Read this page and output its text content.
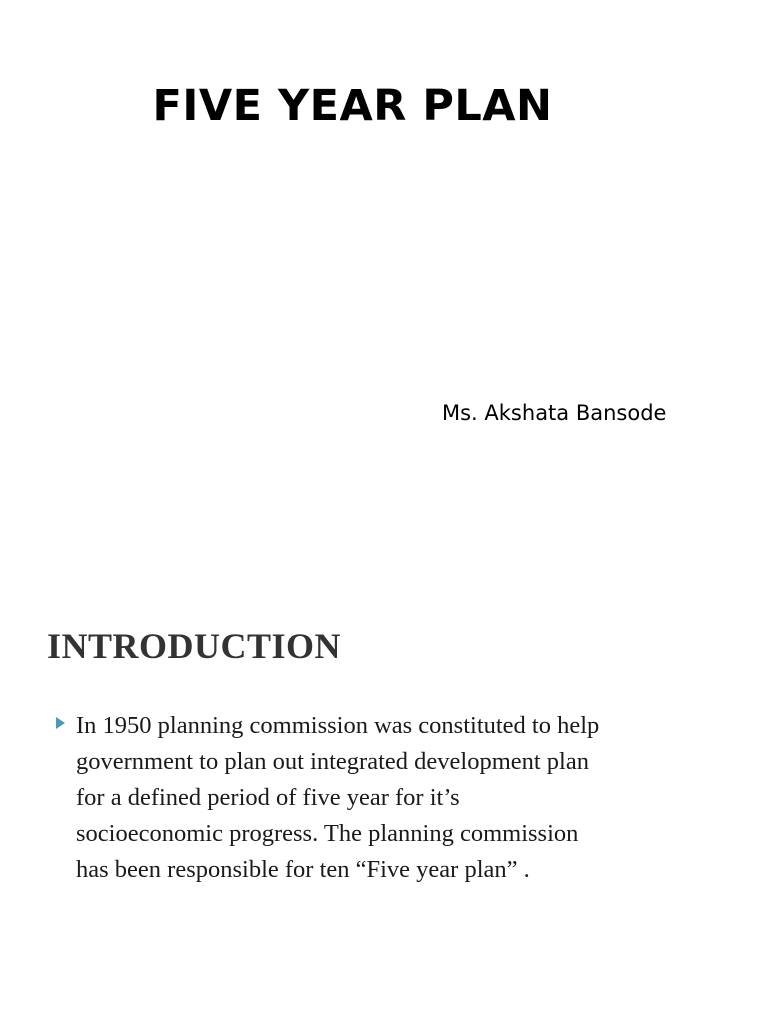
FIVE YEAR PLAN

Ms. Akshata Bansode

INTRODUCTION

In 1950 planning commission was constituted to help
government to plan out integrated development plan
for a defined period of five year for it’s
socioeconomic progress. The planning commission
has been responsible for ten “Five year plan” .
